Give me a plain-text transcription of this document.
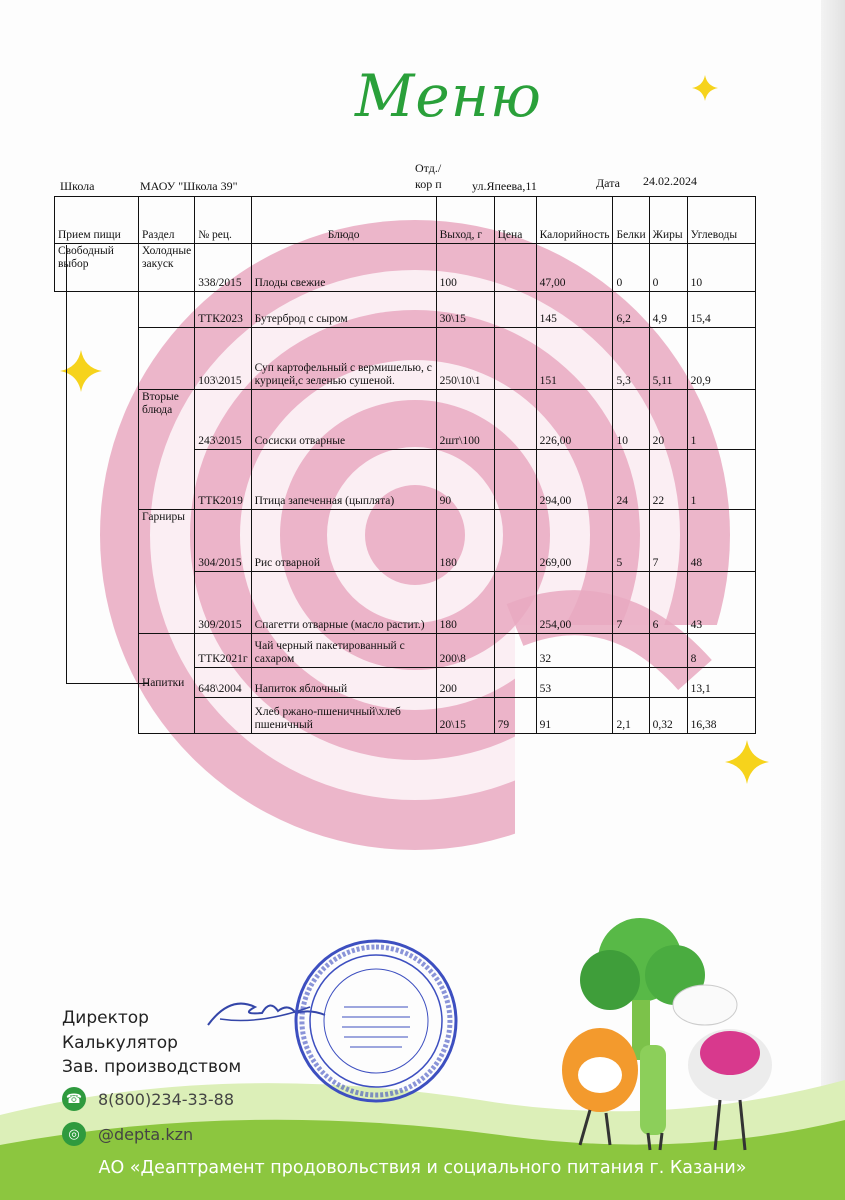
Меню
Школа	МАОУ "Школа 39"
Отд./кор п	ул.Япеева,11	Дата 24.02.2024
Прием пищи	Раздел	№ рец.	Блюдо	Выход, г	Цена	Калорийность	Белки	Жиры	Углеводы
Свободный выбор	Холодные закуск	338/2015	Плоды свежие	100		47,00	0	0	10
		ТТК2023	Бутерброд с сыром	30\15		145	6,2	4,9	15,4
		103\2015	Суп картофельный с вермишелью, с курицей,с зеленью сушеной.	250\10\1		151	5,3	5,11	20,9
	Вторые блюда	243\2015	Сосиски отварные	2шт\100		226,00	10	20	1
		ТТК2019	Птица запеченная (цыплята)	90		294,00	24	22	1
	Гарниры	304/2015	Рис отварной	180		269,00	5	7	48
		309/2015	Спагетти отварные (масло растит.)	180		254,00	7	6	43
	Напитки	ТТК2021г	Чай черный пакетированный с сахаром	200\8		32			8
		648\2004	Напиток яблочный	200		53			13,1
			Хлеб ржано-пшеничный\хлеб пшеничный	20\15	79	91	2,1	0,32	16,38
Директор
Калькулятор
Зав. производством
☎ 8(800)234-33-88
◎	@depta.kzn
АО «Деаптрамент продовольствия и социального питания г. Казани»
